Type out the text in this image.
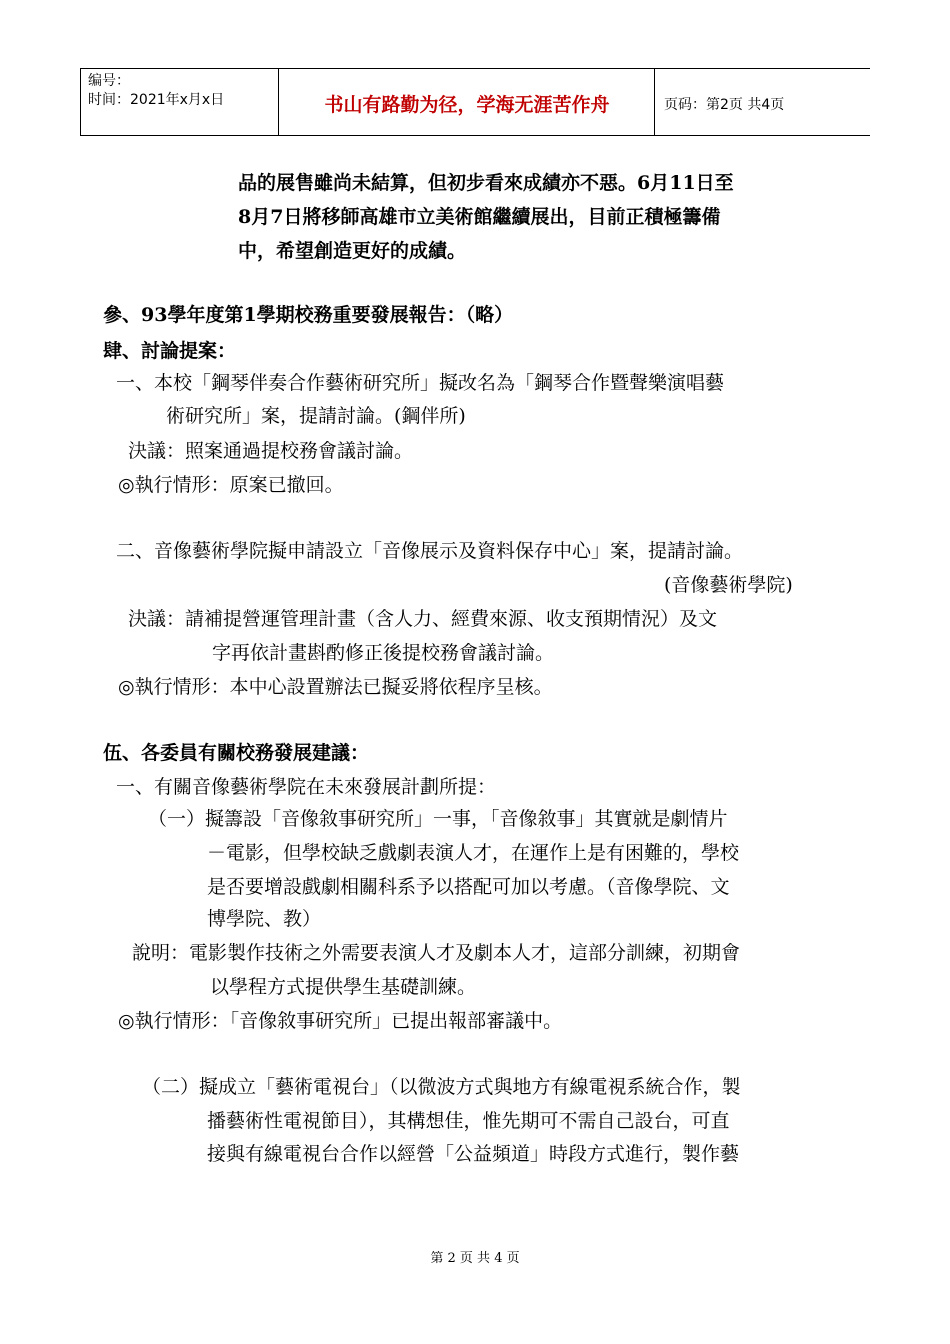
编号：
时间：2021年x月x日	书山有路勤为径，学海无涯苦作舟	页码：第2页 共4页
品的展售雖尚未結算，但初步看來成績亦不惡。6月11日至
8月7日將移師高雄市立美術館繼續展出，目前正積極籌備
中，希望創造更好的成績。
參、93學年度第1學期校務重要發展報告：（略）
肆、討論提案：
一、本校「鋼琴伴奏合作藝術研究所」擬改名為「鋼琴合作暨聲樂演唱藝
術研究所」案，提請討論。(鋼伴所)
決議：照案通過提校務會議討論。
◎執行情形：原案已撤回。
二、音像藝術學院擬申請設立「音像展示及資料保存中心」案，提請討論。
(音像藝術學院)
決議：請補提營運管理計畫（含人力、經費來源、收支預期情況）及文
字再依計畫斟酌修正後提校務會議討論。
◎執行情形：本中心設置辦法已擬妥將依程序呈核。
伍、各委員有關校務發展建議：
一、有關音像藝術學院在未來發展計劃所提：
（一）擬籌設「音像敘事研究所」一事，「音像敘事」其實就是劇情片
－電影，但學校缺乏戲劇表演人才，在運作上是有困難的，學校
是否要增設戲劇相關科系予以搭配可加以考慮。（音像學院、文
博學院、教）
說明：電影製作技術之外需要表演人才及劇本人才，這部分訓練，初期會
以學程方式提供學生基礎訓練。
◎執行情形：「音像敘事研究所」已提出報部審議中。
（二）擬成立「藝術電視台」（以微波方式與地方有線電視系統合作，製
播藝術性電視節目），其構想佳，惟先期可不需自己設台，可直
接與有線電視台合作以經營「公益頻道」時段方式進行，製作藝
第 2 页 共 4 页
